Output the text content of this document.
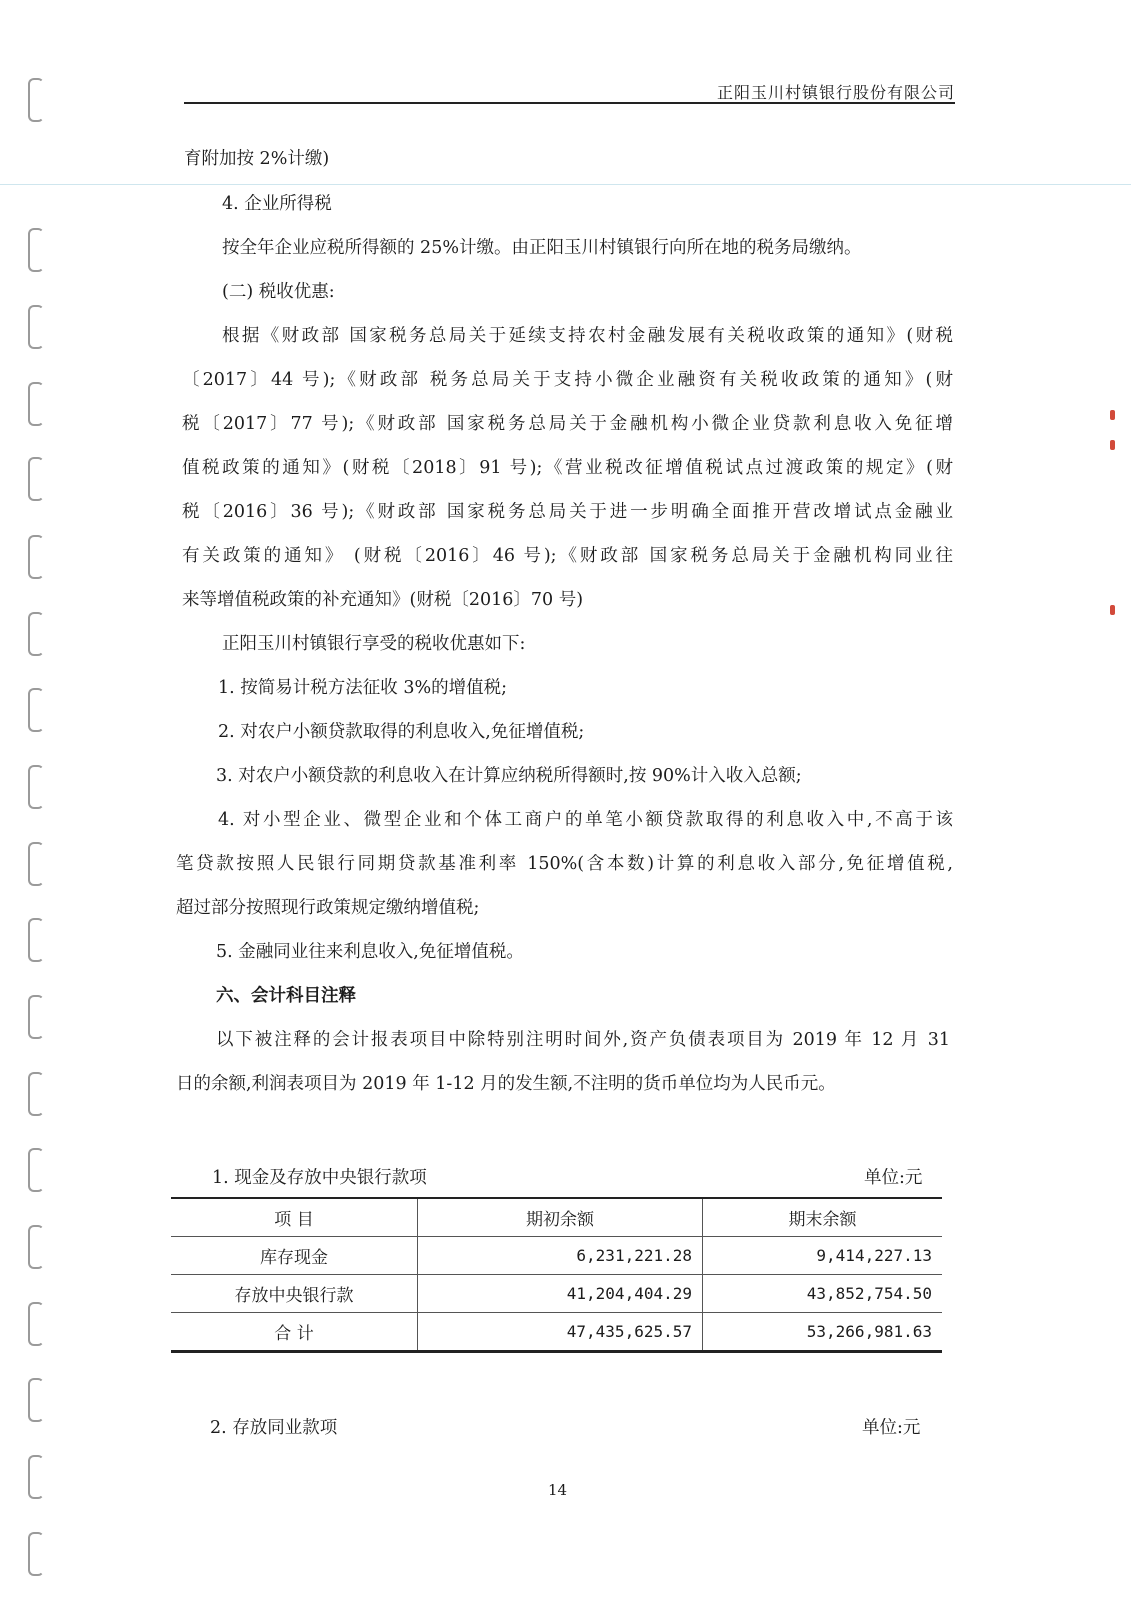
正阳玉川村镇银行股份有限公司
育附加按 2%计缴)
4. 企业所得税
按全年企业应税所得额的 25%计缴。由正阳玉川村镇银行向所在地的税务局缴纳。
(二) 税收优惠:
根据《财政部 国家税务总局关于延续支持农村金融发展有关税收政策的通知》(财税
〔2017〕44 号);《财政部 税务总局关于支持小微企业融资有关税收政策的通知》(财
税〔2017〕77 号);《财政部 国家税务总局关于金融机构小微企业贷款利息收入免征增
值税政策的通知》(财税〔2018〕91 号);《营业税改征增值税试点过渡政策的规定》(财
税〔2016〕36 号);《财政部 国家税务总局关于进一步明确全面推开营改增试点金融业
有关政策的通知》 (财税〔2016〕46 号);《财政部 国家税务总局关于金融机构同业往
来等增值税政策的补充通知》(财税〔2016〕70 号)
正阳玉川村镇银行享受的税收优惠如下:
1. 按简易计税方法征收 3%的增值税;
2. 对农户小额贷款取得的利息收入,免征增值税;
3. 对农户小额贷款的利息收入在计算应纳税所得额时,按 90%计入收入总额;
4. 对小型企业、微型企业和个体工商户的单笔小额贷款取得的利息收入中,不高于该
笔贷款按照人民银行同期贷款基准利率 150%(含本数)计算的利息收入部分,免征增值税,
超过部分按照现行政策规定缴纳增值税;
5. 金融同业往来利息收入,免征增值税。
六、会计科目注释
以下被注释的会计报表项目中除特别注明时间外,资产负债表项目为 2019 年 12 月 31
日的余额,利润表项目为 2019 年 1-12 月的发生额,不注明的货币单位均为人民币元。
1. 现金及存放中央银行款项	单位:元
项 目	期初余额	期末余额
库存现金	6,231,221.28	9,414,227.13
存放中央银行款	41,204,404.29	43,852,754.50
合 计	47,435,625.57	53,266,981.63
2. 存放同业款项	单位:元
14
